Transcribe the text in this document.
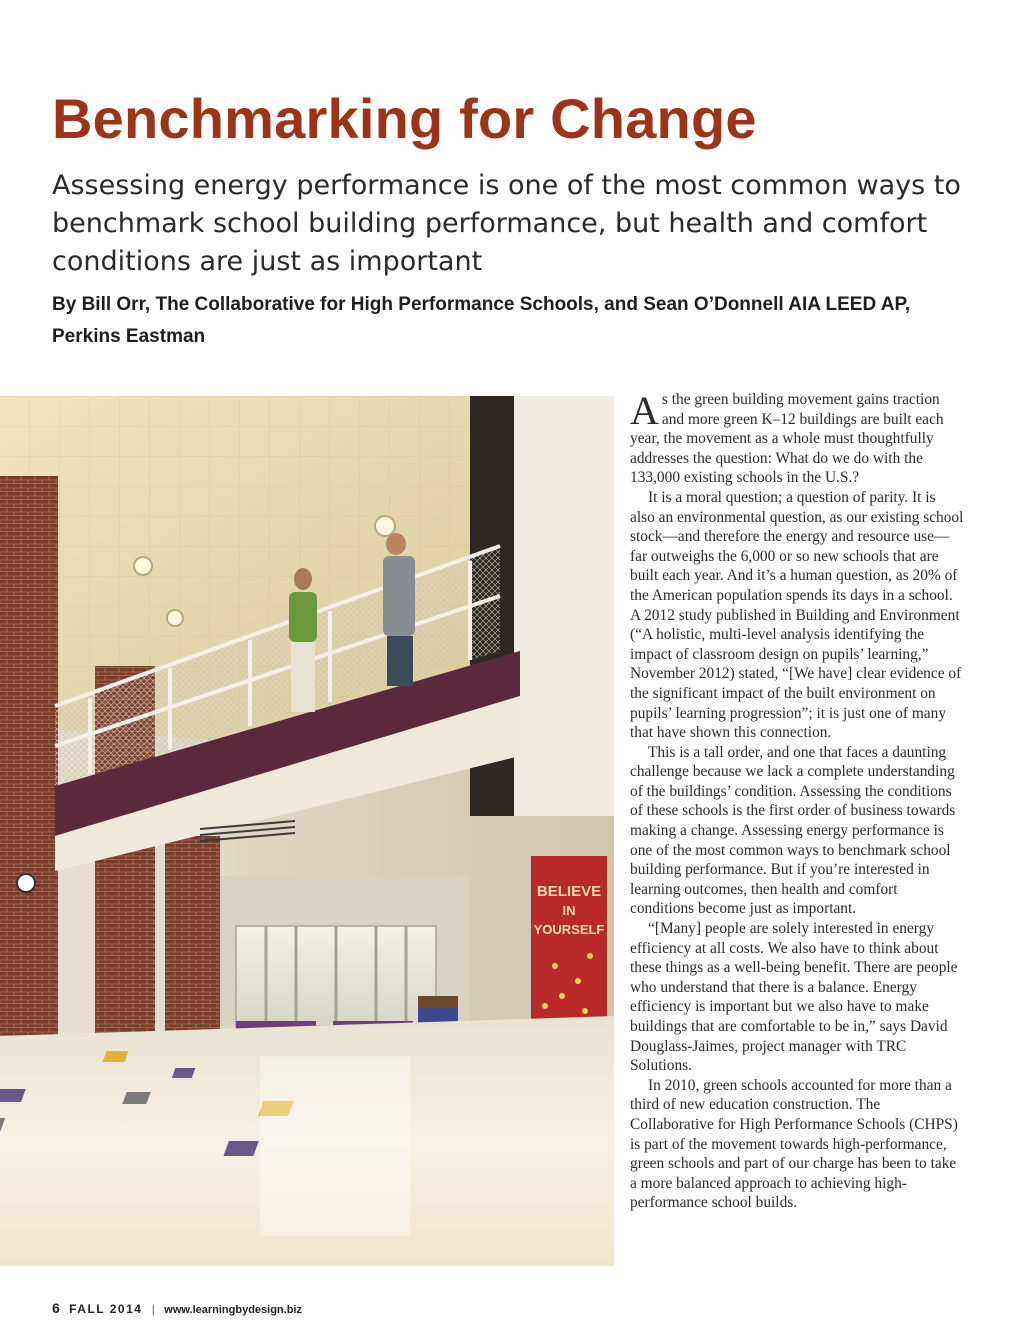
Benchmarking for Change

Assessing energy performance is one of the most common ways to benchmark school building performance, but health and comfort conditions are just as important

By Bill Orr, The Collaborative for High Performance Schools, and Sean O’Donnell AIA LEED AP, Perkins Eastman

BELIEVE
IN
YOURSELF

As the green building movement gains traction and more green K–12 buildings are built each year, the movement as a whole must thoughtfully addresses the question: What do we do with the 133,000 existing schools in the U.S.?

It is a moral question; a question of parity. It is also an environmental question, as our existing school stock—and therefore the energy and resource use—far outweighs the 6,000 or so new schools that are built each year. And it’s a human question, as 20% of the American population spends its days in a school. A 2012 study published in Building and Environment (“A holistic, multi-level analysis identifying the impact of classroom design on pupils’ learning,” November 2012) stated, “[We have] clear evidence of the significant impact of the built environment on pupils’ learning progression”; it is just one of many that have shown this connection.

This is a tall order, and one that faces a daunting challenge because we lack a complete understanding of the buildings’ condition. Assessing the conditions of these schools is the first order of business towards making a change. Assessing energy performance is one of the most common ways to benchmark school building performance. But if you’re interested in learning outcomes, then health and comfort conditions become just as important.

“[Many] people are solely interested in energy efficiency at all costs. We also have to think about these things as a well-being benefit. There are people who understand that there is a balance. Energy efficiency is important but we also have to make buildings that are comfortable to be in,” says David Douglass-Jaimes, project manager with TRC Solutions.

In 2010, green schools accounted for more than a third of new education construction. The Collaborative for High Performance Schools (CHPS) is part of the movement towards high-performance, green schools and part of our charge has been to take a more balanced approach to achieving high-performance school builds.

6 FALL 2014 | www.learningbydesign.biz
